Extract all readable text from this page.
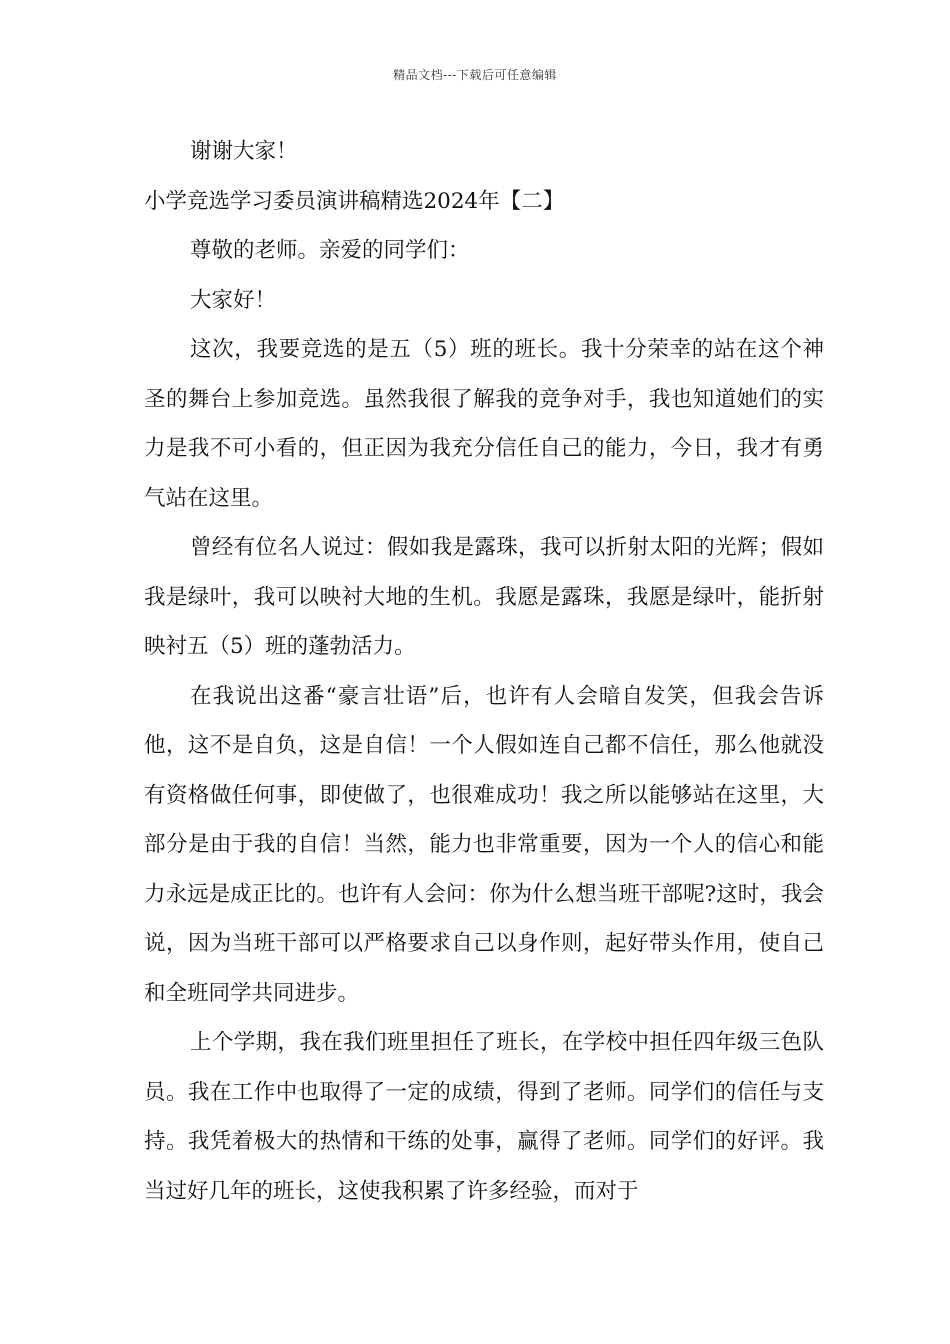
精品文档---下载后可任意编辑

谢谢大家！

小学竞选学习委员演讲稿精选2024年【二】

尊敬的老师。亲爱的同学们：

大家好！

这次，我要竞选的是五（5）班的班长。我十分荣幸的站在这个神圣的舞台上参加竞选。虽然我很了解我的竞争对手，我也知道她们的实力是我不可小看的，但正因为我充分信任自己的能力，今日，我才有勇气站在这里。

曾经有位名人说过：假如我是露珠，我可以折射太阳的光辉；假如我是绿叶，我可以映衬大地的生机。我愿是露珠，我愿是绿叶，能折射映衬五（5）班的蓬勃活力。

在我说出这番“豪言壮语”后，也许有人会暗自发笑，但我会告诉他，这不是自负，这是自信！一个人假如连自己都不信任，那么他就没有资格做任何事，即使做了，也很难成功！我之所以能够站在这里，大部分是由于我的自信！当然，能力也非常重要，因为一个人的信心和能力永远是成正比的。也许有人会问：你为什么想当班干部呢?这时，我会说，因为当班干部可以严格要求自己以身作则，起好带头作用，使自己和全班同学共同进步。

上个学期，我在我们班里担任了班长，在学校中担任四年级三色队员。我在工作中也取得了一定的成绩，得到了老师。同学们的信任与支持。我凭着极大的热情和干练的处事，赢得了老师。同学们的好评。我当过好几年的班长，这使我积累了许多经验，而对于
